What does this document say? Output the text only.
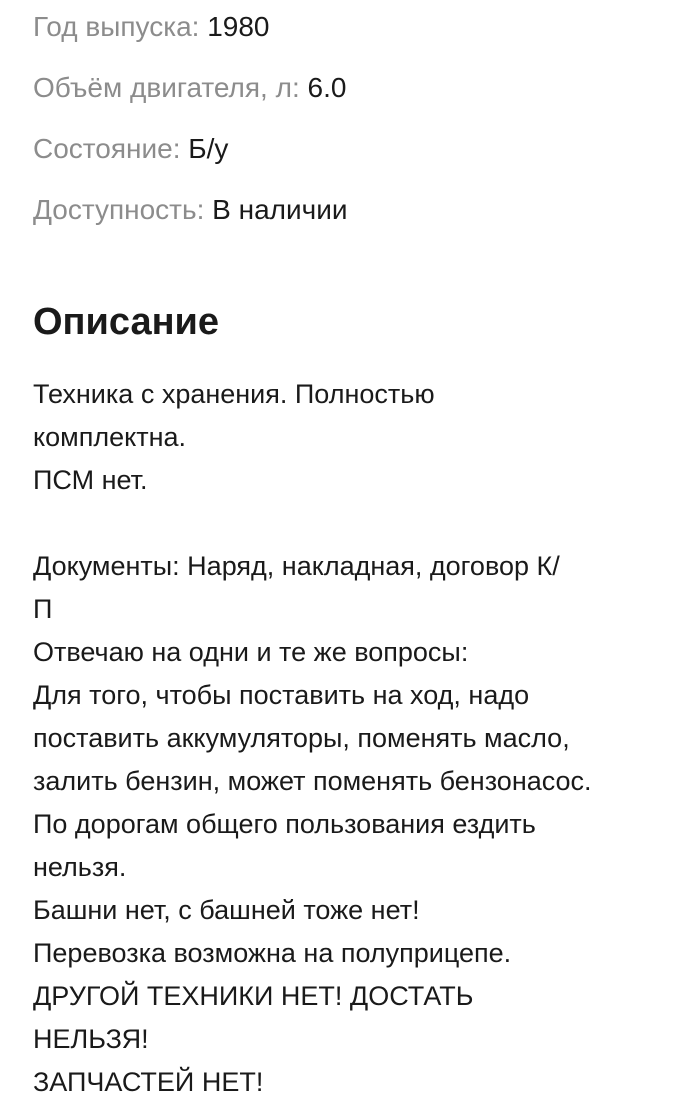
Год выпуска: 1980
Объём двигателя, л: 6.0
Состояние: Б/у
Доступность: В наличии
Описание
Техника с хранения. Полностью
комплектна.
ПСМ нет.
Документы: Наряд, накладная, договор К/
П
Отвечаю на одни и те же вопросы:
Для того, чтобы поставить на ход, надо
поставить аккумуляторы, поменять масло,
залить бензин, может поменять бензонасос.
По дорогам общего пользования ездить
нельзя.
Башни нет, с башней тоже нет!
Перевозка возможна на полуприцепе.
ДРУГОЙ ТЕХНИКИ НЕТ! ДОСТАТЬ
НЕЛЬЗЯ!
ЗАПЧАСТЕЙ НЕТ!
